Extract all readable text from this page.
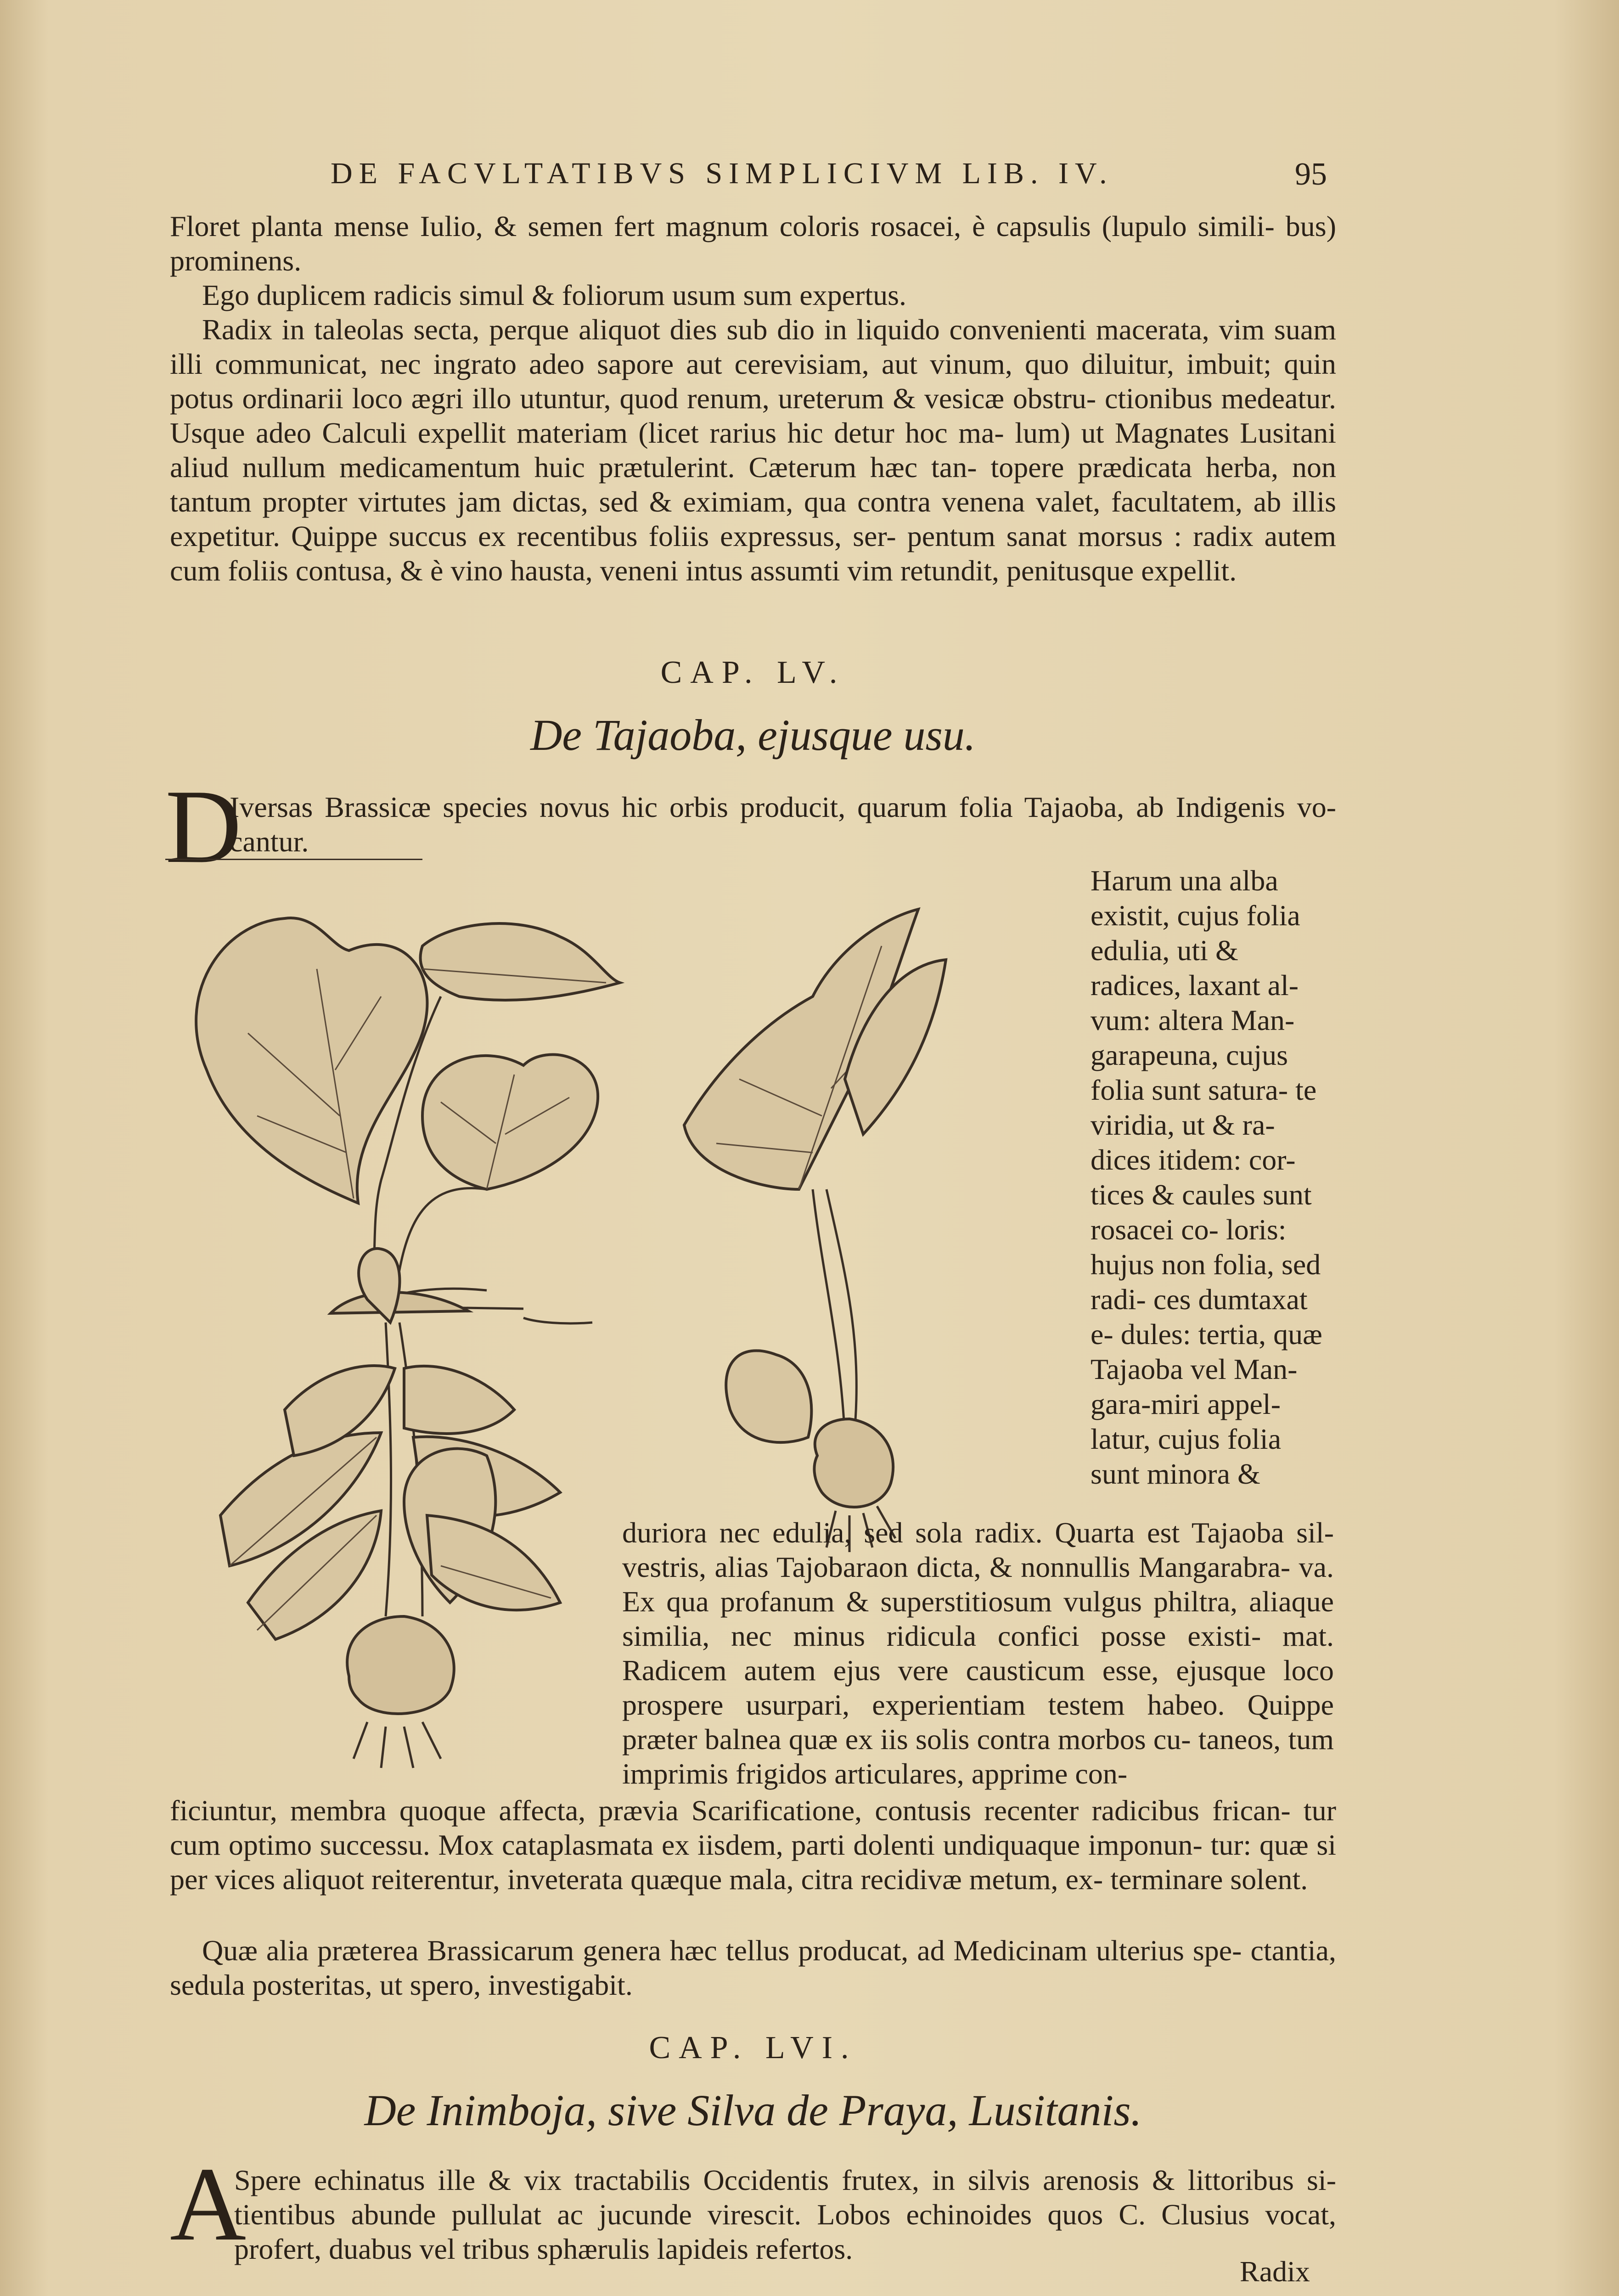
DE FACVLTATIBVS SIMPLICIVM LIB. IV.	95

Floret planta mense Iulio, & semen fert magnum coloris rosacei, è capsulis (lupulo simili- bus) prominens.

Ego duplicem radicis simul & foliorum usum sum expertus.

Radix in taleolas secta, perque aliquot dies sub dio in liquido convenienti macerata, vim suam illi communicat, nec ingrato adeo sapore aut cerevisiam, aut vinum, quo diluitur, imbuit; quin potus ordinarii loco ægri illo utuntur, quod renum, ureterum & vesicæ obstru- ctionibus medeatur. Usque adeo Calculi expellit materiam (licet rarius hic detur hoc ma- lum) ut Magnates Lusitani aliud nullum medicamentum huic prætulerint. Cæterum hæc tan- topere prædicata herba, non tantum propter virtutes jam dictas, sed & eximiam, qua contra venena valet, facultatem, ab illis expetitur. Quippe succus ex recentibus foliis expressus, ser- pentum sanat morsus : radix autem cum foliis contusa, & è vino hausta, veneni intus assumti vim retundit, penitusque expellit.

CAP. LV.
De Tajaoba, ejusque usu.
D
Iversas Brassicæ species novus hic orbis producit, quarum folia Tajaoba, ab Indigenis vo- cantur.
Harum una alba existit, cujus folia edulia, uti & radices, laxant al- vum: altera Man- garapeuna, cujus folia sunt satura- te viridia, ut & ra- dices itidem: cor- tices & caules sunt rosacei co- loris: hujus non folia, sed radi- ces dumtaxat e- dules: tertia, quæ Tajaoba vel Man- gara-miri appel- latur, cujus folia sunt minora &
duriora nec edulia, sed sola radix. Quarta est Tajaoba sil- vestris, alias Tajobaraon dicta, & nonnullis Mangarabra- va. Ex qua profanum & superstitiosum vulgus philtra, aliaque similia, nec minus ridicula confici posse existi- mat. Radicem autem ejus vere causticum esse, ejusque loco prospere usurpari, experientiam testem habeo. Quippe præter balnea quæ ex iis solis contra morbos cu- taneos, tum imprimis frigidos articulares, apprime con-
ficiuntur, membra quoque affecta, prævia Scarificatione, contusis recenter radicibus frican- tur cum optimo successu. Mox cataplasmata ex iisdem, parti dolenti undiquaque imponun- tur: quæ si per vices aliquot reiterentur, inveterata quæque mala, citra recidivæ metum, ex- terminare solent.
Quæ alia præterea Brassicarum genera hæc tellus producat, ad Medicinam ulterius spe- ctantia, sedula posteritas, ut spero, investigabit.
CAP. LVI.
De Inimboja, sive Silva de Praya, Lusitanis.
A
Spere echinatus ille & vix tractabilis Occidentis frutex, in silvis arenosis & littoribus si- tientibus abunde pullulat ac jucunde virescit. Lobos echinoides quos C. Clusius vocat, profert, duabus vel tribus sphærulis lapideis refertos.
Radix
